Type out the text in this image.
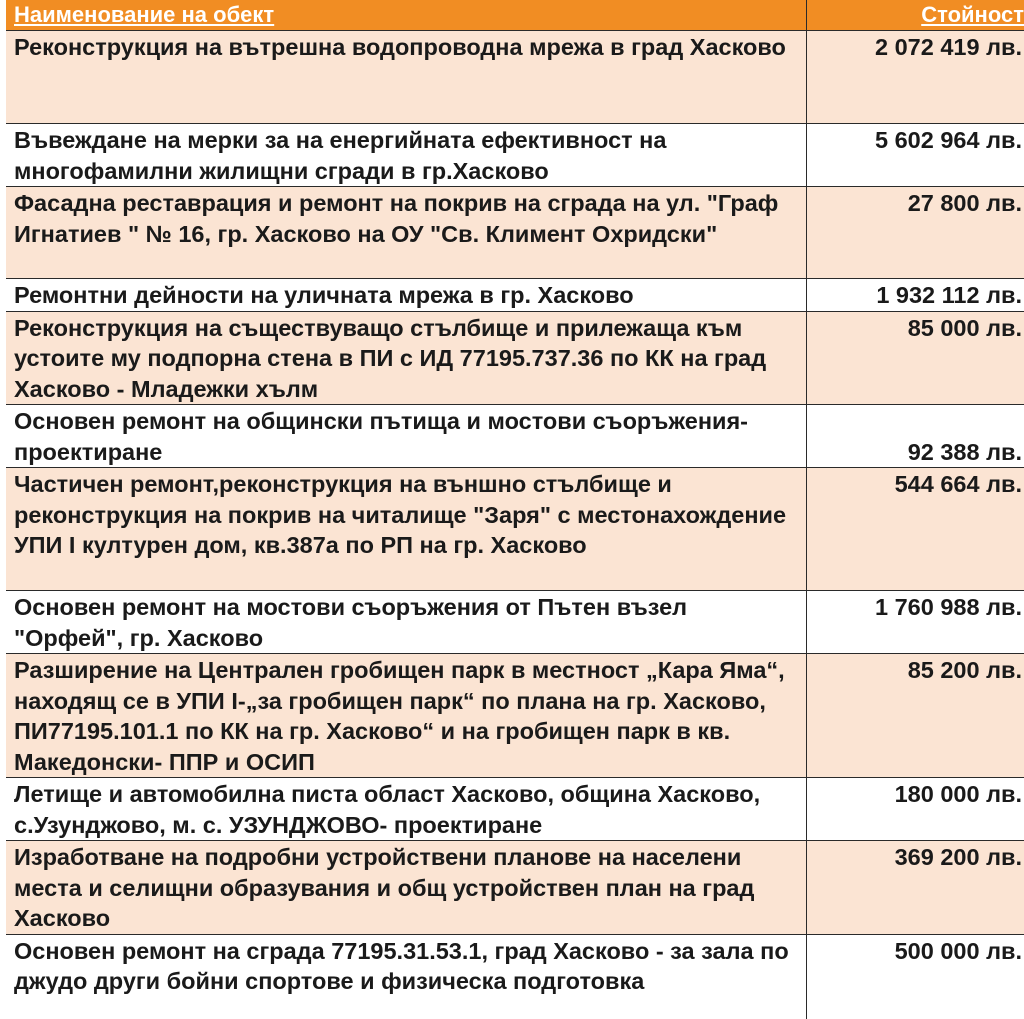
Наименование на обект	Стойност
Реконструкция на вътрешна водопроводна мрежа в град Хасково	2 072 419 лв.
Въвеждане на мерки за на енергийната ефективност на многофамилни жилищни сгради в гр.Хасково	5 602 964 лв.
Фасадна реставрация и ремонт на покрив на сграда на ул. "Граф Игнатиев " № 16, гр. Хасково на ОУ "Св. Климент Охридски"	27 800 лв.
Ремонтни дейности на уличната мрежа в гр. Хасково	1 932 112 лв.
Реконструкция на съществуващо стълбище и прилежаща към устоите му подпорна стена в ПИ с ИД 77195.737.36 по КК на град Хасково - Младежки хълм	85 000 лв.
Основен ремонт на общински пътища и мостови съоръжения- проектиране	92 388 лв.
Частичен ремонт,реконструкция на външно стълбище и реконструкция на покрив на читалище "Заря" с местонахождение УПИ I културен дом, кв.387а по РП на гр. Хасково	544 664 лв.
Основен ремонт на мостови съоръжения от Пътен възел "Орфей", гр. Хасково	1 760 988 лв.
Разширение на Централен гробищен парк в местност „Кара Яма“, находящ се в УПИ I-„за гробищен парк“ по плана на гр. Хасково, ПИ77195.101.1 по КК на гр. Хасково“ и на гробищен парк в кв. Македонски- ППР и ОСИП	85 200 лв.
Летище и автомобилна писта област Хасково, община Хасково, с.Узунджово, м. с. УЗУНДЖОВО- проектиране	180 000 лв.
Изработване на подробни устройствени планове на населени места и селищни образувания и общ устройствен план на град Хасково	369 200 лв.
Основен ремонт на сграда 77195.31.53.1, град Хасково - за зала по джудо други бойни спортове и физическа подготовка	500 000 лв.
